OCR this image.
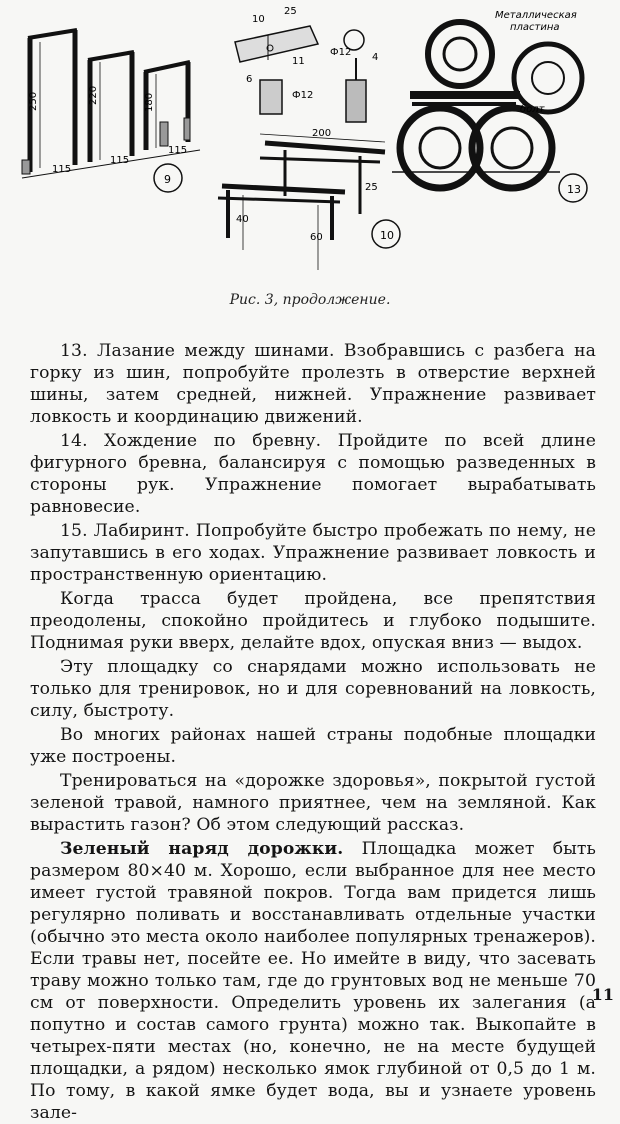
250	220	180
115
115
115
9
10
25
6
11
Ф12
Ф12
4
200
25
40
60	10
Металлическая
пластина
болт
13
Рис. 3, продолжение.

13. Лазание между шинами. Взобравшись с разбега на горку из шин, попробуйте пролезть в отверстие верхней шины, затем средней, нижней. Упражнение развивает ловкость и координацию движений.

14. Хождение по бревну. Пройдите по всей длине фигурного бревна, балансируя с помощью разведенных в стороны рук. Упражнение помогает вырабатывать равновесие.

15. Лабиринт. Попробуйте быстро пробежать по нему, не запутавшись в его ходах. Упражнение развивает ловкость и пространственную ориентацию.

Когда трасса будет пройдена, все препятствия преодолены, спокойно пройдитесь и глубоко подышите. Поднимая руки вверх, делайте вдох, опуская вниз — выдох.

Эту площадку со снарядами можно использовать не только для тренировок, но и для соревнований на ловкость, силу, быстроту.

Во многих районах нашей страны подобные площадки уже построены.

Тренироваться на «дорожке здоровья», покрытой густой зеленой травой, намного приятнее, чем на земляной. Как вырастить газон? Об этом следующий рассказ.

Зеленый наряд дорожки. Площадка может быть размером 80×40 м. Хорошо, если выбранное для нее место имеет густой травяной покров. Тогда вам придется лишь регулярно поливать и восстанавливать отдельные участки (обычно это места около наиболее популярных тренажеров). Если травы нет, посейте ее. Но имейте в виду, что засевать траву можно только там, где до грунтовых вод не меньше 70 см от поверхности. Определить уровень их залегания (а попутно и состав самого грунта) можно так. Выкопайте в четырех-пяти местах (но, конечно, не на месте будущей площадки, а рядом) несколько ямок глубиной от 0,5 до 1 м. По тому, в какой ямке будет вода, вы и узнаете уровень зале-

11
